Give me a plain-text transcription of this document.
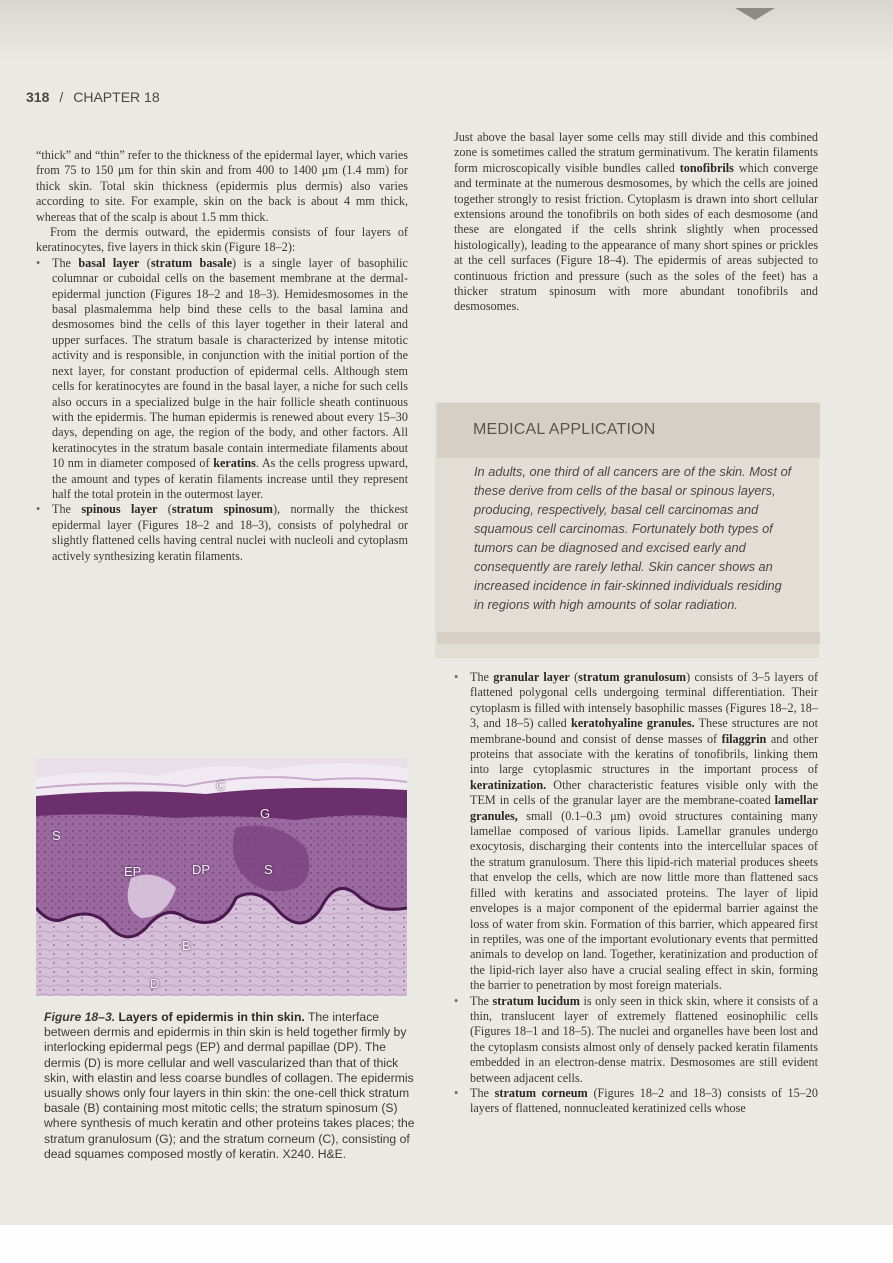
318 / CHAPTER 18

“thick” and “thin” refer to the thickness of the epidermal layer, which varies from 75 to 150 μm for thin skin and from 400 to 1400 μm (1.4 mm) for thick skin. Total skin thickness (epidermis plus dermis) also varies according to site. For example, skin on the back is about 4 mm thick, whereas that of the scalp is about 1.5 mm thick.

From the dermis outward, the epidermis consists of four layers of keratinocytes, five layers in thick skin (Figure 18–2):

• The basal layer (stratum basale) is a single layer of basophilic columnar or cuboidal cells on the basement membrane at the dermal-epidermal junction (Figures 18–2 and 18–3). Hemidesmosomes in the basal plasmalemma help bind these cells to the basal lamina and desmosomes bind the cells of this layer together in their lateral and upper surfaces. The stratum basale is characterized by intense mitotic activity and is responsible, in conjunction with the initial portion of the next layer, for constant production of epidermal cells. Although stem cells for keratinocytes are found in the basal layer, a niche for such cells also occurs in a specialized bulge in the hair follicle sheath continuous with the epidermis. The human epidermis is renewed about every 15–30 days, depending on age, the region of the body, and other factors. All keratinocytes in the stratum basale contain intermediate filaments about 10 nm in diameter composed of keratins. As the cells progress upward, the amount and types of keratin filaments increase until they represent half the total protein in the outermost layer.

• The spinous layer (stratum spinosum), normally the thickest epidermal layer (Figures 18–2 and 18–3), consists of polyhedral or slightly flattened cells having central nuclei with nucleoli and cytoplasm actively synthesizing keratin filaments.

Just above the basal layer some cells may still divide and this combined zone is sometimes called the stratum germinativum. The keratin filaments form microscopically visible bundles called tonofibrils which converge and terminate at the numerous desmosomes, by which the cells are joined together strongly to resist friction. Cytoplasm is drawn into short cellular extensions around the tonofibrils on both sides of each desmosome (and these are elongated if the cells shrink slightly when processed histologically), leading to the appearance of many short spines or prickles at the cell surfaces (Figure 18–4). The epidermis of areas subjected to continuous friction and pressure (such as the soles of the feet) has a thicker stratum spinosum with more abundant tonofibrils and desmosomes.

MEDICAL APPLICATION
In adults, one third of all cancers are of the skin. Most of these derive from cells of the basal or spinous layers, producing, respectively, basal cell carcinomas and squamous cell carcinomas. Fortunately both types of tumors can be diagnosed and excised early and consequently are rarely lethal. Skin cancer shows an increased incidence in fair-skinned individuals residing in regions with high amounts of solar radiation.

• The granular layer (stratum granulosum) consists of 3–5 layers of flattened polygonal cells undergoing terminal differentiation. Their cytoplasm is filled with intensely basophilic masses (Figures 18–2, 18–3, and 18–5) called keratohyaline granules. These structures are not membrane-bound and consist of dense masses of filaggrin and other proteins that associate with the keratins of tonofibrils, linking them into large cytoplasmic structures in the important process of keratinization. Other characteristic features visible only with the TEM in cells of the granular layer are the membrane-coated lamellar granules, small (0.1–0.3 μm) ovoid structures containing many lamellae composed of various lipids. Lamellar granules undergo exocytosis, discharging their contents into the intercellular spaces of the stratum granulosum. There this lipid-rich material produces sheets that envelop the cells, which are now little more than flattened sacs filled with keratins and associated proteins. The layer of lipid envelopes is a major component of the epidermal barrier against the loss of water from skin. Formation of this barrier, which appeared first in reptiles, was one of the important evolutionary events that permitted animals to develop on land. Together, keratinization and production of the lipid-rich layer also have a crucial sealing effect in skin, forming the barrier to penetration by most foreign materials.

• The stratum lucidum is only seen in thick skin, where it consists of a thin, translucent layer of extremely flattened eosinophilic cells (Figures 18–1 and 18–5). The nuclei and organelles have been lost and the cytoplasm consists almost only of densely packed keratin filaments embedded in an electron-dense matrix. Desmosomes are still evident between adjacent cells.

• The stratum corneum (Figures 18–2 and 18–3) consists of 15–20 layers of flattened, nonnucleated keratinized cells whose

C
G
S
S
EP	DP
B
D
Figure 18–3. Layers of epidermis in thin skin. The interface between dermis and epidermis in thin skin is held together firmly by interlocking epidermal pegs (EP) and dermal papillae (DP). The dermis (D) is more cellular and well vascularized than that of thick skin, with elastin and less coarse bundles of collagen. The epidermis usually shows only four layers in thin skin: the one-cell thick stratum basale (B) containing most mitotic cells; the stratum spinosum (S) where synthesis of much keratin and other proteins takes places; the stratum granulosum (G); and the stratum corneum (C), consisting of dead squames composed mostly of keratin. X240. H&E.
